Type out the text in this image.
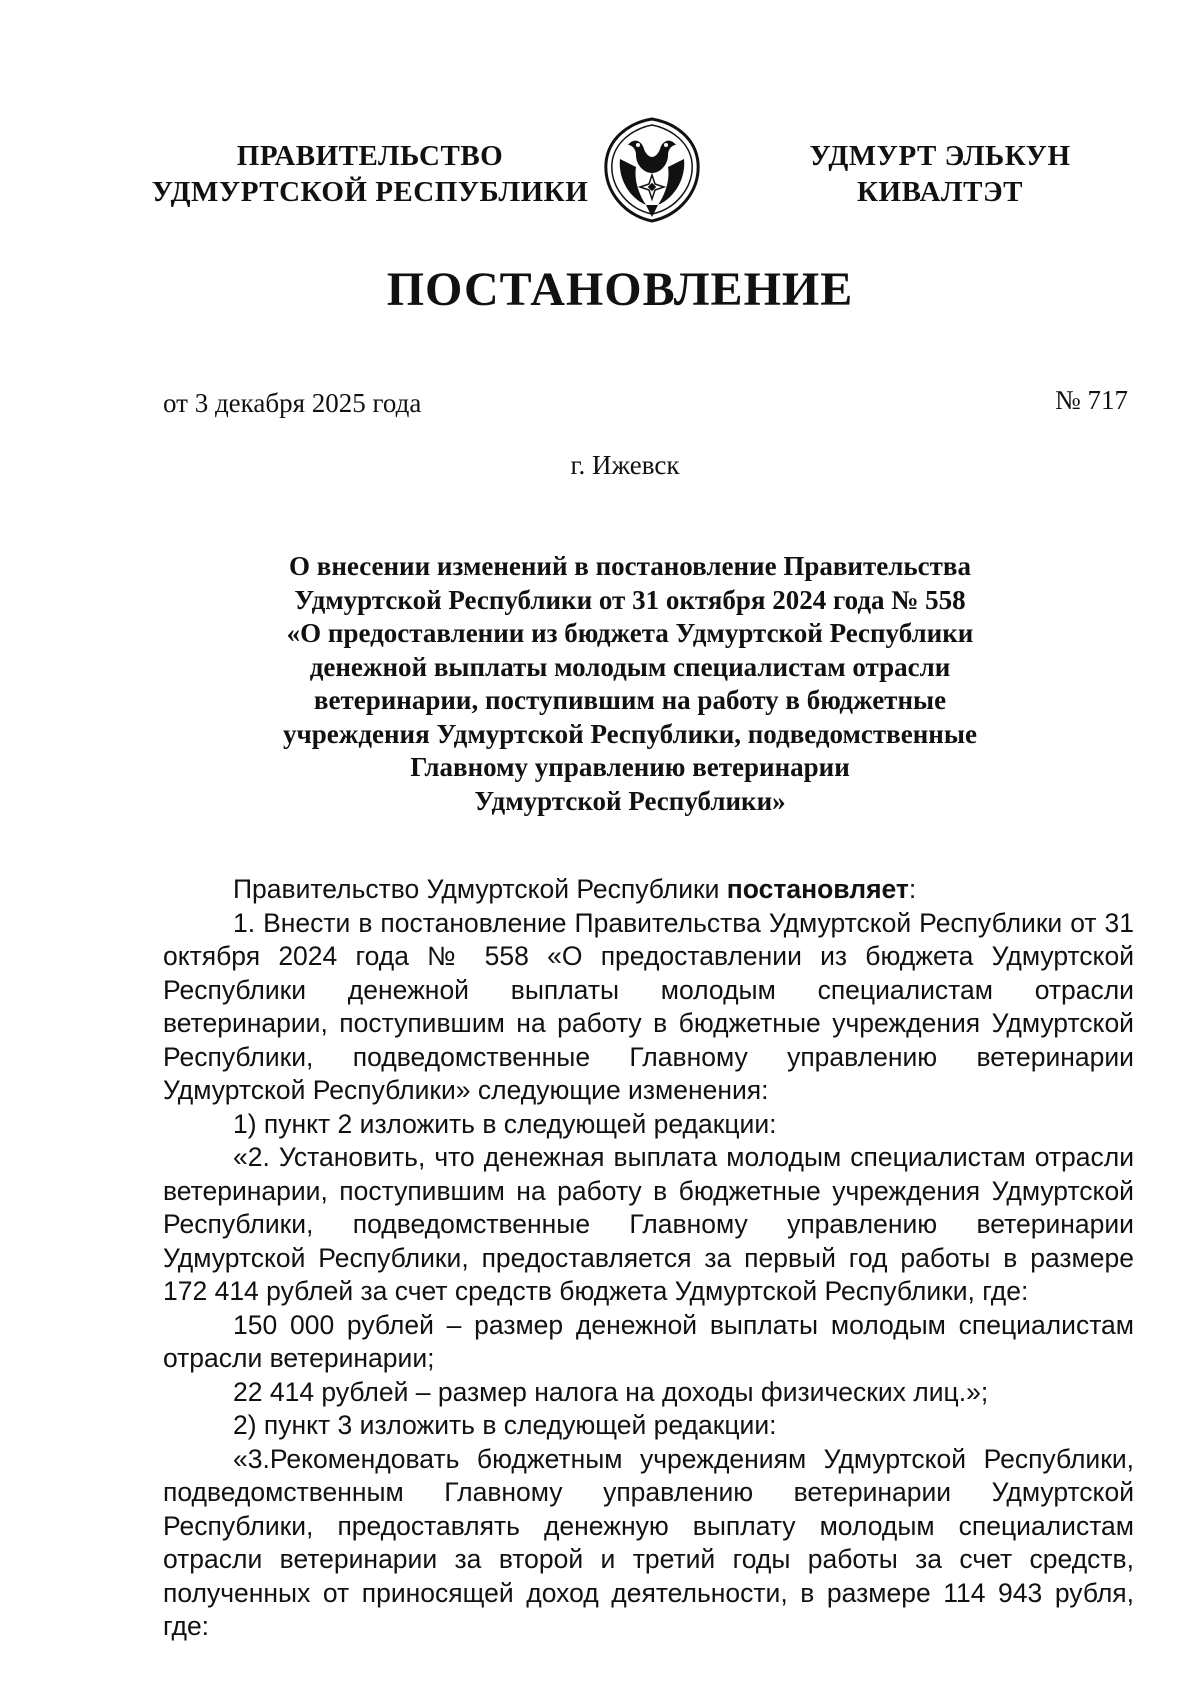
ПРАВИТЕЛЬСТВО
УДМУРТСКОЙ РЕСПУБЛИКИ
УДМУРТ ЭЛЬКУН
КИВАЛТЭТ
ПОСТАНОВЛЕНИЕ
от 3 декабря 2025 года	№ 717
г. Ижевск
О внесении изменений в постановление Правительства
Удмуртской Республики от 31 октября 2024 года № 558
«О предоставлении из бюджета Удмуртской Республики
денежной выплаты молодым специалистам отрасли
ветеринарии, поступившим на работу в бюджетные
учреждения Удмуртской Республики, подведомственные
Главному управлению ветеринарии
Удмуртской Республики»

Правительство Удмуртской Республики постановляет:

1. Внести в постановление Правительства Удмуртской Республики от 31 октября 2024 года № 558 «О предоставлении из бюджета Удмуртской Республики денежной выплаты молодым специалистам отрасли ветеринарии, поступившим на работу в бюджетные учреждения Удмуртской Республики, подведомственные Главному управлению ветеринарии Удмуртской Республики» следующие изменения:

1) пункт 2 изложить в следующей редакции:

«2. Установить, что денежная выплата молодым специалистам отрасли ветеринарии, поступившим на работу в бюджетные учреждения Удмуртской Республики, подведомственные Главному управлению ветеринарии Удмуртской Республики, предоставляется за первый год работы в размере 172 414 рублей за счет средств бюджета Удмуртской Республики, где:

150 000 рублей – размер денежной выплаты молодым специалистам отрасли ветеринарии;

22 414 рублей – размер налога на доходы физических лиц.»;

2) пункт 3 изложить в следующей редакции:

«3.Рекомендовать бюджетным учреждениям Удмуртской Республики, подведомственным Главному управлению ветеринарии Удмуртской Республики, предоставлять денежную выплату молодым специалистам отрасли ветеринарии за второй и третий годы работы за счет средств, полученных от приносящей доход деятельности, в размере 114 943 рубля, где:
